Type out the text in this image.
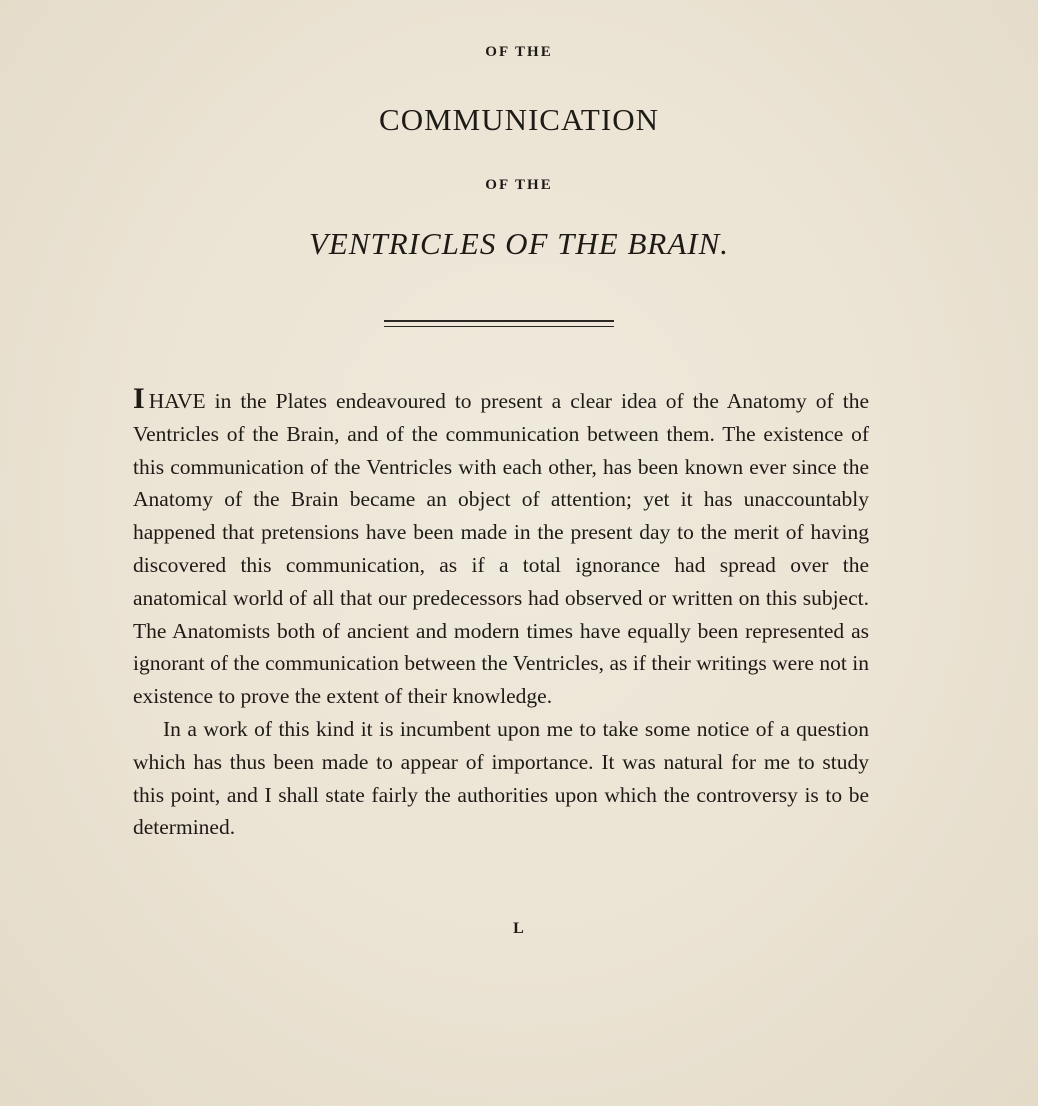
OF THE
COMMUNICATION
OF THE
VENTRICLES OF THE BRAIN.

I HAVE in the Plates endeavoured to present a clear idea of the Anatomy of the Ventricles of the Brain, and of the communication between them. The existence of this communication of the Ventricles with each other, has been known ever since the Anatomy of the Brain became an object of attention; yet it has unaccountably happened that pretensions have been made in the present day to the merit of having discovered this communication, as if a total ignorance had spread over the anatomical world of all that our predecessors had observed or written on this subject. The Anatomists both of ancient and modern times have equally been represented as ignorant of the communication between the Ventricles, as if their writings were not in existence to prove the extent of their knowledge.

In a work of this kind it is incumbent upon me to take some notice of a question which has thus been made to appear of importance. It was natural for me to study this point, and I shall state fairly the authorities upon which the controversy is to be determined.

L
